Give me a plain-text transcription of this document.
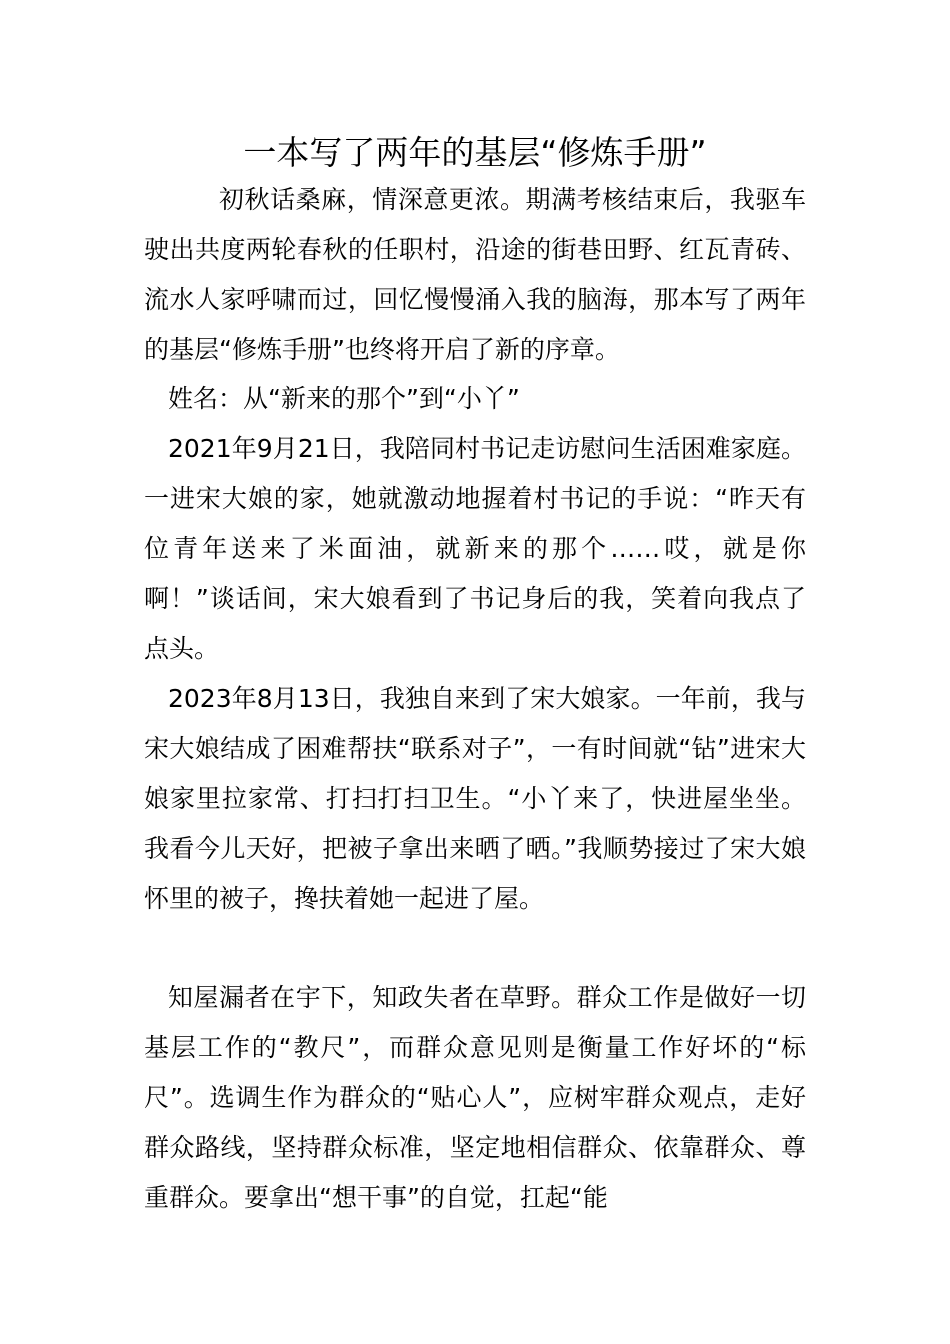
一本写了两年的基层“修炼手册”

初秋话桑麻，情深意更浓。期满考核结束后，我驱车驶出共度两轮春秋的任职村，沿途的街巷田野、红瓦青砖、流水人家呼啸而过，回忆慢慢涌入我的脑海，那本写了两年的基层“修炼手册”也终将开启了新的序章。

姓名：从“新来的那个”到“小丫”

2021年9月21日，我陪同村书记走访慰问生活困难家庭。一进宋大娘的家，她就激动地握着村书记的手说：“昨天有位青年送来了米面油，就新来的那个……哎，就是你啊！”谈话间，宋大娘看到了书记身后的我，笑着向我点了点头。

2023年8月13日，我独自来到了宋大娘家。一年前，我与宋大娘结成了困难帮扶“联系对子”，一有时间就“钻”进宋大娘家里拉家常、打扫打扫卫生。“小丫来了，快进屋坐坐。我看今儿天好，把被子拿出来晒了晒。”我顺势接过了宋大娘怀里的被子，搀扶着她一起进了屋。

知屋漏者在宇下，知政失者在草野。群众工作是做好一切基层工作的“教尺”，而群众意见则是衡量工作好坏的“标尺”。选调生作为群众的“贴心人”，应树牢群众观点，走好群众路线，坚持群众标准，坚定地相信群众、依靠群众、尊重群众。要拿出“想干事”的自觉，扛起“能
